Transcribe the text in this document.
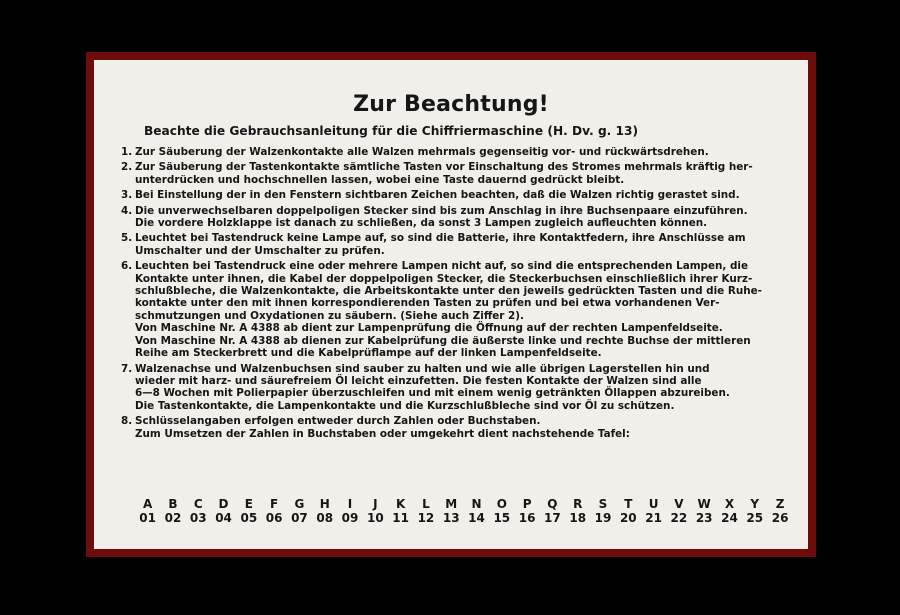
Zur Beachtung!
Beachte die Gebrauchsanleitung für die Chiffriermaschine (H. Dv. g. 13)
1. Zur Säuberung der Walzenkontakte alle Walzen mehrmals gegenseitig vor- und rückwärtsdrehen.
2. Zur Säuberung der Tastenkontakte sämtliche Tasten vor Einschaltung des Stromes mehrmals kräftig her-
unterdrücken und hochschnellen lassen, wobei eine Taste dauernd gedrückt bleibt.
3. Bei Einstellung der in den Fenstern sichtbaren Zeichen beachten, daß die Walzen richtig gerastet sind.
4. Die unverwechselbaren doppelpoligen Stecker sind bis zum Anschlag in ihre Buchsenpaare einzuführen.
Die vordere Holzklappe ist danach zu schließen, da sonst 3 Lampen zugleich aufleuchten können.
5. Leuchtet bei Tastendruck keine Lampe auf, so sind die Batterie, ihre Kontaktfedern, ihre Anschlüsse am
Umschalter und der Umschalter zu prüfen.
6. Leuchten bei Tastendruck eine oder mehrere Lampen nicht auf, so sind die entsprechenden Lampen, die
Kontakte unter ihnen, die Kabel der doppelpoligen Stecker, die Steckerbuchsen einschließlich ihrer Kurz-
schlußbleche, die Walzenkontakte, die Arbeitskontakte unter den jeweils gedrückten Tasten und die Ruhe-
kontakte unter den mit ihnen korrespondierenden Tasten zu prüfen und bei etwa vorhandenen Ver-
schmutzungen und Oxydationen zu säubern. (Siehe auch Ziffer 2).
Von Maschine Nr. A 4388 ab dient zur Lampenprüfung die Öffnung auf der rechten Lampenfeldseite.
Von Maschine Nr. A 4388 ab dienen zur Kabelprüfung die äußerste linke und rechte Buchse der mittleren
Reihe am Steckerbrett und die Kabelprüflampe auf der linken Lampenfeldseite.
7. Walzenachse und Walzenbuchsen sind sauber zu halten und wie alle übrigen Lagerstellen hin und
wieder mit harz- und säurefreiem Öl leicht einzufetten. Die festen Kontakte der Walzen sind alle
6—8 Wochen mit Polierpapier überzuschleifen und mit einem wenig getränkten Öllappen abzureiben.
Die Tastenkontakte, die Lampenkontakte und die Kurzschlußbleche sind vor Öl zu schützen.
8. Schlüsselangaben erfolgen entweder durch Zahlen oder Buchstaben.
Zum Umsetzen der Zahlen in Buchstaben oder umgekehrt dient nachstehende Tafel:
A
01
B
02
C
03
D
04
E
05
F
06
G
07
H
08
I
09
J
10
K
11
L
12
M
13
N
14
O
15
P
16
Q
17
R
18
S
19
T
20
U
21
V
22
W
23
X
24
Y
25
Z
26
